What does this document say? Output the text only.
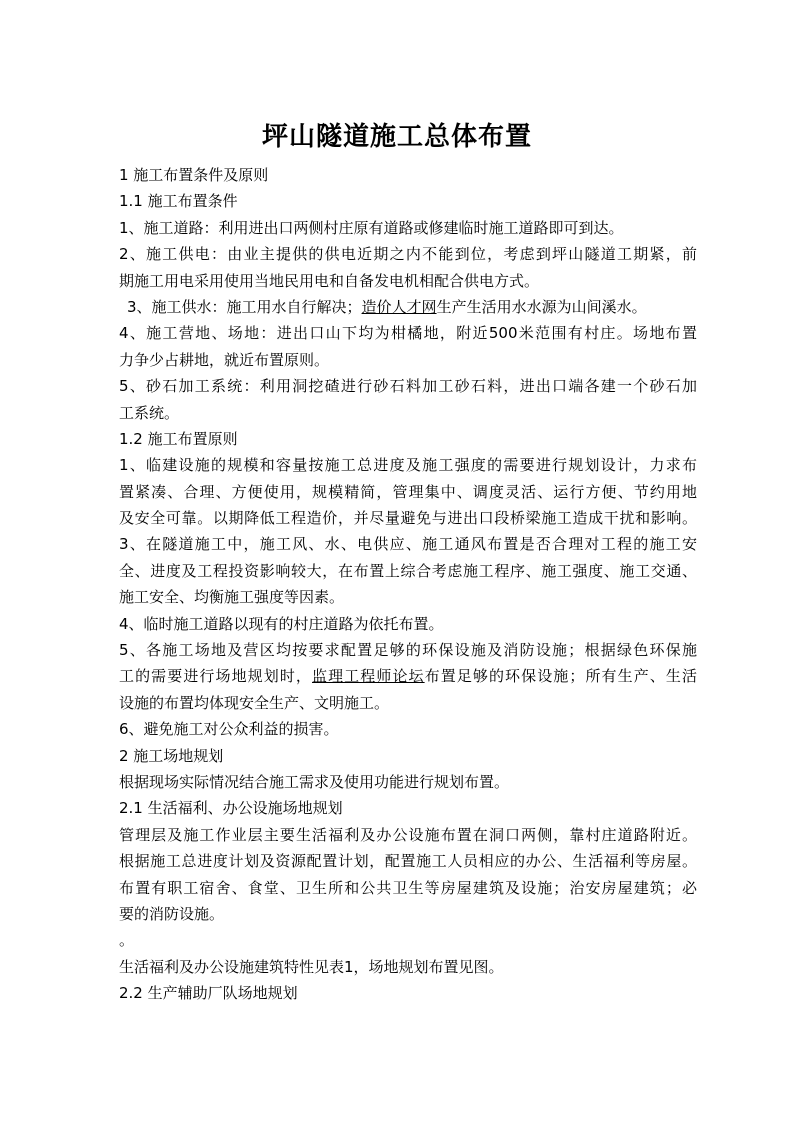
坪山隧道施工总体布置
1 施工布置条件及原则
1.1 施工布置条件
1、施工道路：利用进出口两侧村庄原有道路或修建临时施工道路即可到达。
2、施工供电：由业主提供的供电近期之内不能到位，考虑到坪山隧道工期紧，前
期施工用电采用使用当地民用电和自备发电机相配合供电方式。
3、施工供水：施工用水自行解决；造价人才网生产生活用水水源为山间溪水。
4、施工营地、场地：进出口山下均为柑橘地，附近500米范围有村庄。场地布置
力争少占耕地，就近布置原则。
5、砂石加工系统：利用洞挖碴进行砂石料加工砂石料，进出口端各建一个砂石加
工系统。
1.2 施工布置原则
1、临建设施的规模和容量按施工总进度及施工强度的需要进行规划设计，力求布
置紧凑、合理、方便使用，规模精简，管理集中、调度灵活、运行方便、节约用地
及安全可靠。以期降低工程造价，并尽量避免与进出口段桥梁施工造成干扰和影响。
3、在隧道施工中，施工风、水、电供应、施工通风布置是否合理对工程的施工安
全、进度及工程投资影响较大，在布置上综合考虑施工程序、施工强度、施工交通、
施工安全、均衡施工强度等因素。
4、临时施工道路以现有的村庄道路为依托布置。
5、各施工场地及营区均按要求配置足够的环保设施及消防设施；根据绿色环保施
工的需要进行场地规划时，监理工程师论坛布置足够的环保设施；所有生产、生活
设施的布置均体现安全生产、文明施工。
6、避免施工对公众利益的损害。
2 施工场地规划
根据现场实际情况结合施工需求及使用功能进行规划布置。
2.1 生活福利、办公设施场地规划
管理层及施工作业层主要生活福利及办公设施布置在洞口两侧，靠村庄道路附近。
根据施工总进度计划及资源配置计划，配置施工人员相应的办公、生活福利等房屋。
布置有职工宿舍、食堂、卫生所和公共卫生等房屋建筑及设施；治安房屋建筑；必
要的消防设施。
。
生活福利及办公设施建筑特性见表1，场地规划布置见图。
2.2 生产辅助厂队场地规划
